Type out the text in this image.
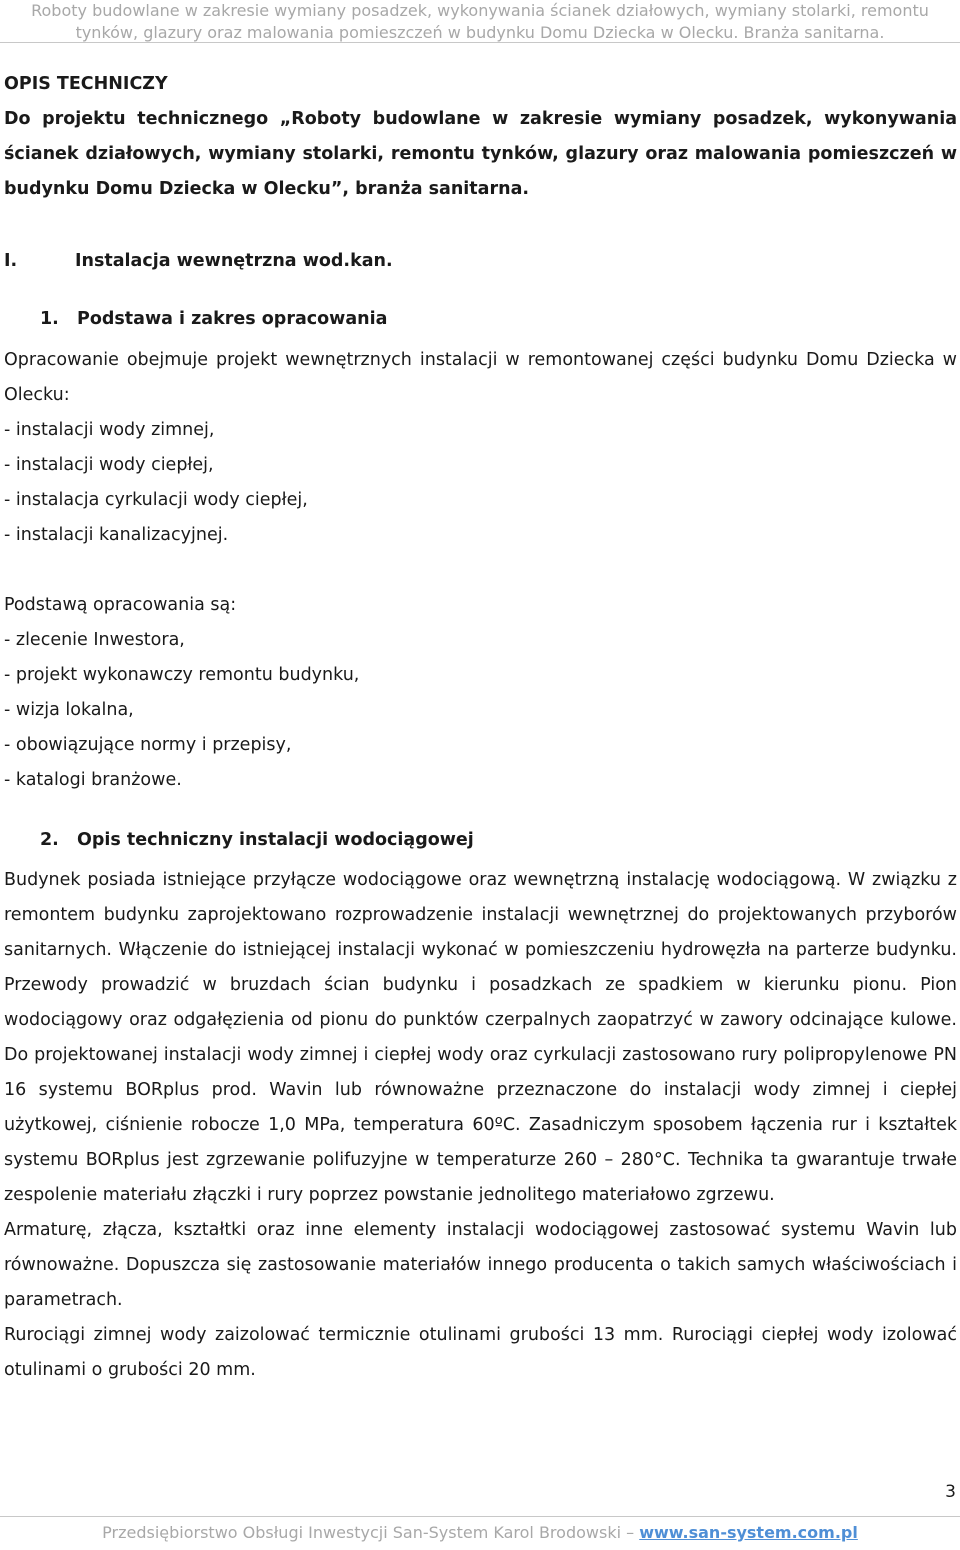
Roboty budowlane w zakresie wymiany posadzek, wykonywania ścianek działowych, wymiany stolarki, remontu
tynków, glazury oraz malowania pomieszczeń w budynku Domu Dziecka w Olecku. Branża sanitarna.

OPIS TECHNICZY

Do projektu technicznego „Roboty budowlane w zakresie wymiany posadzek, wykonywania ścianek działowych, wymiany stolarki, remontu tynków, glazury oraz malowania pomieszczeń w budynku Domu Dziecka w Olecku”, branża sanitarna.

I.	Instalacja wewnętrzna wod.kan.
1.	Podstawa i zakres opracowania

Opracowanie obejmuje projekt wewnętrznych instalacji w remontowanej części budynku Domu Dziecka w Olecku:

- instalacji wody zimnej,

- instalacji wody ciepłej,

- instalacja cyrkulacji wody ciepłej,

- instalacji kanalizacyjnej.

Podstawą opracowania są:

- zlecenie Inwestora,

- projekt wykonawczy remontu budynku,

- wizja lokalna,

- obowiązujące normy i przepisy,

- katalogi branżowe.

2.	Opis techniczny instalacji wodociągowej

Budynek posiada istniejące przyłącze wodociągowe oraz wewnętrzną instalację wodociągową. W związku z remontem budynku zaprojektowano rozprowadzenie instalacji wewnętrznej do projektowanych przyborów sanitarnych. Włączenie do istniejącej instalacji wykonać w pomieszczeniu hydrowęzła na parterze budynku. Przewody prowadzić w bruzdach ścian budynku i posadzkach ze spadkiem w kierunku pionu. Pion wodociągowy oraz odgałęzienia od pionu do punktów czerpalnych zaopatrzyć w zawory odcinające kulowe. Do projektowanej instalacji wody zimnej i ciepłej wody oraz cyrkulacji zastosowano rury polipropylenowe PN 16 systemu BORplus prod. Wavin lub równoważne przeznaczone do instalacji wody zimnej i ciepłej użytkowej, ciśnienie robocze 1,0 MPa, temperatura 60ºC. Zasadniczym sposobem łączenia rur i kształtek systemu BORplus jest zgrzewanie polifuzyjne w temperaturze 260 – 280°C. Technika ta gwarantuje trwałe zespolenie materiału złączki i rury poprzez powstanie jednolitego materiałowo zgrzewu.

Armaturę, złącza, kształtki oraz inne elementy instalacji wodociągowej zastosować systemu Wavin lub równoważne. Dopuszcza się zastosowanie materiałów innego producenta o takich samych właściwościach i parametrach.

Rurociągi zimnej wody zaizolować termicznie otulinami grubości 13 mm. Rurociągi ciepłej wody izolować otulinami o grubości 20 mm.

3
Przedsiębiorstwo Obsługi Inwestycji San-System Karol Brodowski – www.san-system.com.pl
